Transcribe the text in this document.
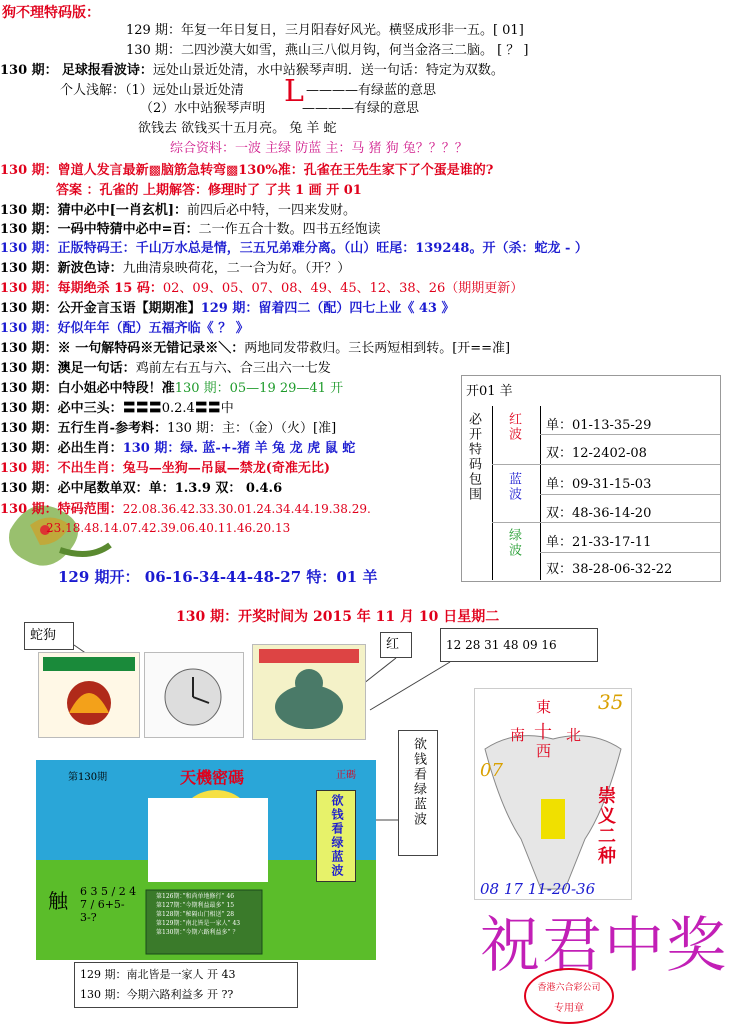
狗不理特码版：
129 期：年复一年日复日，三月阳春好风光。横竖成形非一五。[ 01]
130 期：二四沙漠大如雪，燕山三八似月钩，何当金洛三二脑。 [ ？ ]
130 期： 足球报看波诗：远处山景近处清，水中站猴琴声明．送一句话：特定为双数。
个人浅解：（1）远处山景近处清 L ————有绿蓝的意思
（2）水中站猴琴声明	————有绿的意思
欲钱去 欲钱买十五月亮。 兔 羊 蛇
综合资料：一波 主绿 防蓝 主：马 猪 狗 兔？？？？
130 期：曾道人发言最新▩脑筋急转弯▩130%准：孔雀在王先生家下了个蛋是谁的?
答案 ：孔雀的 上期解答：修理时了 了共 1 画 开 01
130 期：猜中必中[一肖玄机]：前四后必中特，一四来发财。
130 期：一码中特猜中必中=百：二一作五合十数。四书五经饱读
130 期：正版特码王：千山万水总是情，三五兄弟难分离。（山）旺尾：139248。开（杀：蛇龙 - ）
130 期：新波色诗：九曲清泉映荷花，二一合为好。（开？）
130 期：每期绝杀 15 码：02、09、05、07、08、49、45、12、38、26（期期更新）
130 期：公开金言玉语【期期准】129 期：留着四二（配）四七上业《 43 》
130 期：好似年年（配）五福齐临《 ？ 》
130 期：※ 一句解特码※无错记录※＼：两地同发带救归。三长两短相到转。[开==准]
130 期：澳足一句话：鸡前左右五与六、合三出六一七发
130 期：白小姐必中特段！准130 期：05—19 29—41 开
130 期：必中三头：〓〓〓0.2.4〓〓中
130 期：五行生肖-参考料：130 期：主：（金）（火）[准]
130 期：必出生肖：130 期：绿. 蓝-+-猪 羊 兔 龙 虎 鼠 蛇
130 期：不出生肖：兔马—坐狗—吊鼠—禁龙(奇准无比)
130 期：必中尾数单双：单：1.3.9 双： 0.4.6
130 期：特码范围：22.08.36.42.33.30.01.24.34.44.19.38.29.
23.18.48.14.07.42.39.06.40.11.46.20.13
129 期开： 06-16-34-44-48-27 特：01 羊
开01 羊
必开特码包围 红波 单：01-13-35-29
双：12-2402-08
蓝波 单：09-31-15-03
双：48-36-14-20
绿波 单：21-33-17-11
双：38-28-06-32-22
130 期：开奖时间为 2015 年 11 月 10 日星期二
蛇狗
红	12 28 31 48 09 16
欲钱看绿蓝波
第130期	天機密碼	正碼
欲钱看绿蓝波
触 6 3 5 / 2 4 7 / 6+5-3-?
第126期：”和尚单地修行” 46
第127期：”今期利益最多” 15
第128期：”秘隔山门相送” 28
第129期：”南北皆是一家人” 43
第130期：”今期六路利益多” ？
129 期：南北皆是一家人 开 43
130 期：今期六路利益多 开 ??
35
東
南 十 北
西
07
崇义二种
08 17 11-20-36
祝君中奖
香港六合彩公司
专用章
